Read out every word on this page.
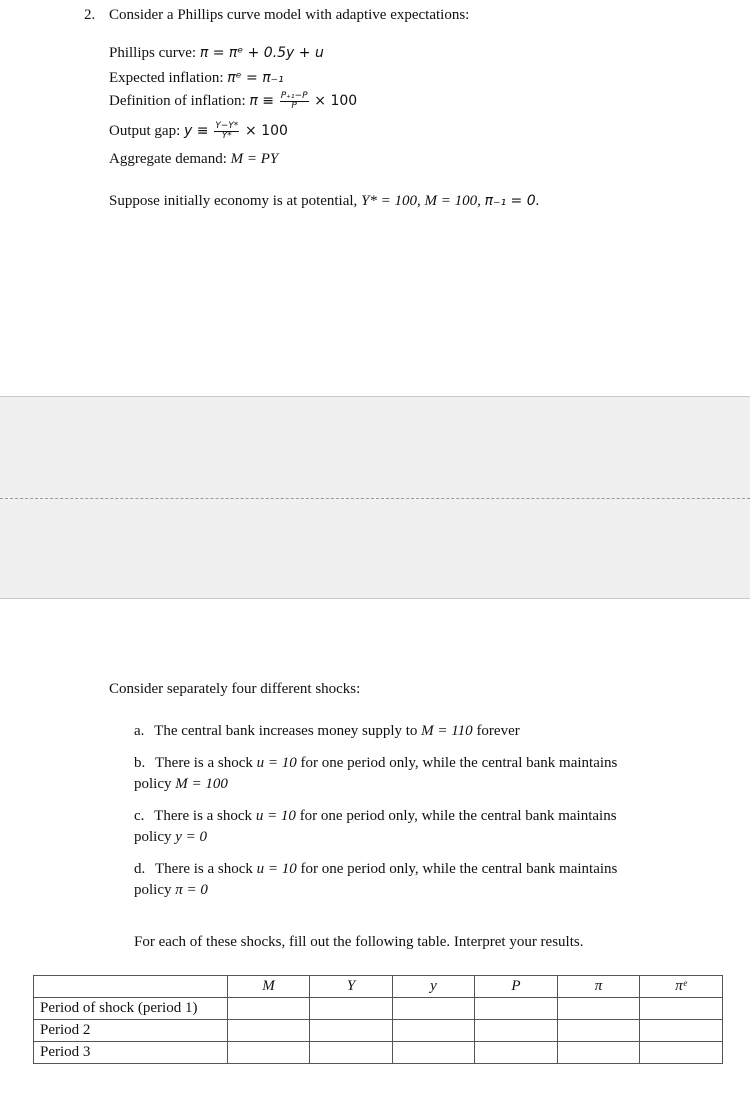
2. Consider a Phillips curve model with adaptive expectations:
Phillips curve: π = πᵉ + 0.5y + u
Expected inflation: πᵉ = π₋₁
Definition of inflation: $\pi \equiv \frac{\text{P₊₁−P}}{P} \times 100$
Output gap: $y \equiv \frac{Y-Y*}{Y*} \times 100$
Aggregate demand: M = PY
Suppose initially economy is at potential, Y* = 100, M = 100, π₋₁ = 0.
Consider separately four different shocks:
a. The central bank increases money supply to M = 110 forever
b. There is a shock u = 10 for one period only, while the central bank maintains
policy M = 100
c. There is a shock u = 10 for one period only, while the central bank maintains
policy y = 0
d. There is a shock u = 10 for one period only, while the central bank maintains
policy π = 0
For each of these shocks, fill out the following table. Interpret your results.
	M	Y	y	P	π	πᵉ
Period of shock (period 1)						
Period 2						
Period 3						
